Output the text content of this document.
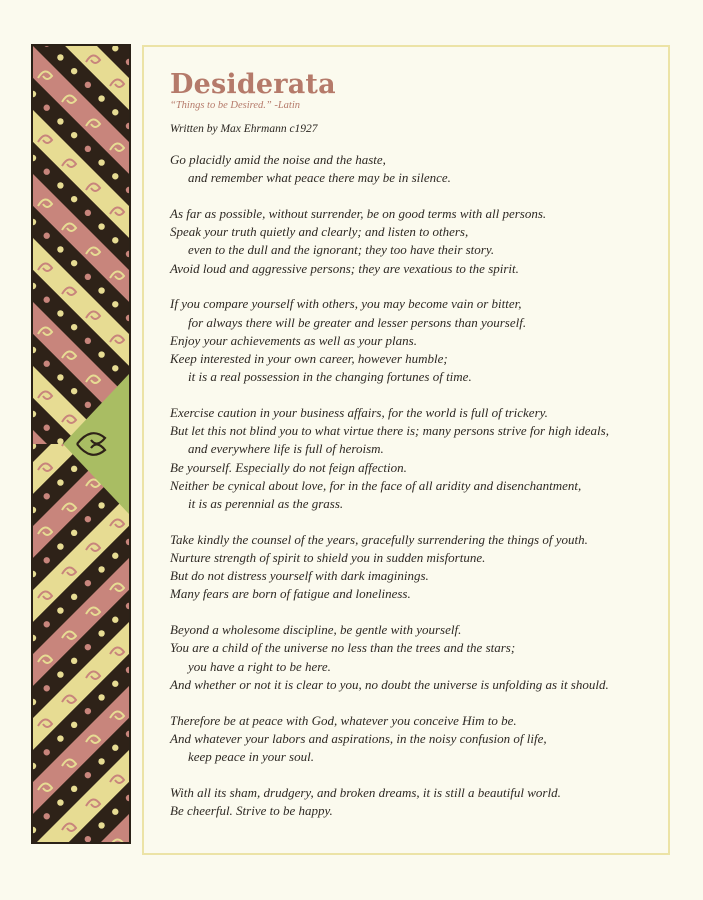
Desiderata
“Things to be Desired.” -Latin
Written by Max Ehrmann c1927
Go placidly amid the noise and the haste,
and remember what peace there may be in silence.
As far as possible, without surrender, be on good terms with all persons.
Speak your truth quietly and clearly; and listen to others,
even to the dull and the ignorant; they too have their story.
Avoid loud and aggressive persons; they are vexatious to the spirit.
If you compare yourself with others, you may become vain or bitter,
for always there will be greater and lesser persons than yourself.
Enjoy your achievements as well as your plans.
Keep interested in your own career, however humble;
it is a real possession in the changing fortunes of time.
Exercise caution in your business affairs, for the world is full of trickery.
But let this not blind you to what virtue there is; many persons strive for high ideals,
and everywhere life is full of heroism.
Be yourself. Especially do not feign affection.
Neither be cynical about love, for in the face of all aridity and disenchantment,
it is as perennial as the grass.
Take kindly the counsel of the years, gracefully surrendering the things of youth.
Nurture strength of spirit to shield you in sudden misfortune.
But do not distress yourself with dark imaginings.
Many fears are born of fatigue and loneliness.
Beyond a wholesome discipline, be gentle with yourself.
You are a child of the universe no less than the trees and the stars;
you have a right to be here.
And whether or not it is clear to you, no doubt the universe is unfolding as it should.
Therefore be at peace with God, whatever you conceive Him to be.
And whatever your labors and aspirations, in the noisy confusion of life,
keep peace in your soul.
With all its sham, drudgery, and broken dreams, it is still a beautiful world.
Be cheerful. Strive to be happy.
